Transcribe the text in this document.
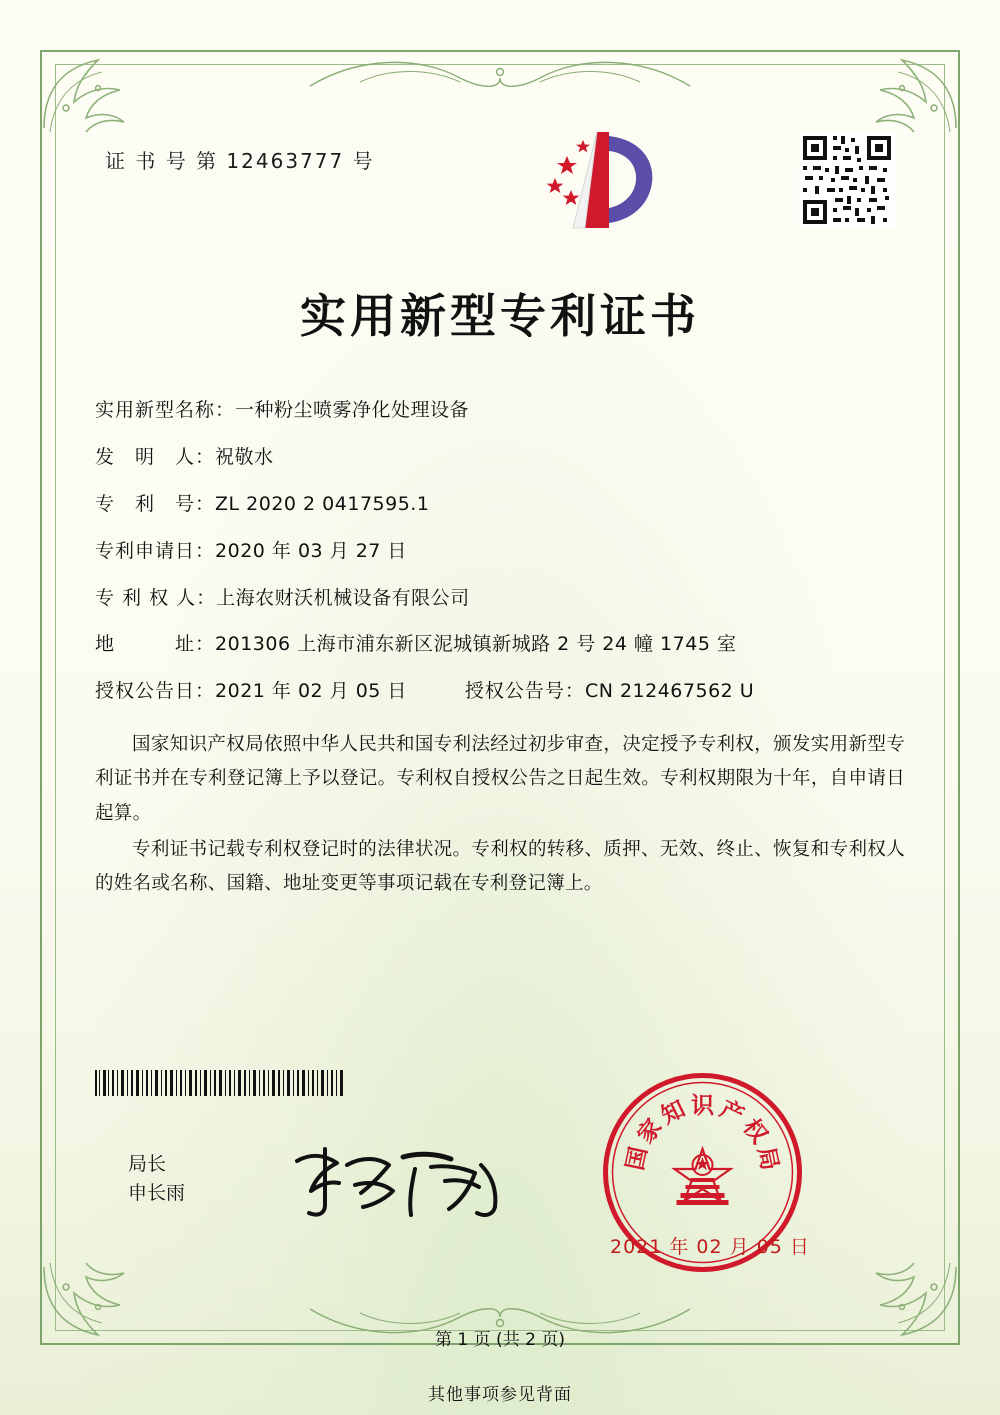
证 书 号 第 12463777 号
实用新型专利证书
实用新型名称： 一种粉尘喷雾净化处理设备
发　明　人： 祝敬水
专　利　号： ZL 2020 2 0417595.1
专利申请日： 2020 年 03 月 27 日
专 利 权 人： 上海农财沃机械设备有限公司
地　　　址： 201306 上海市浦东新区泥城镇新城路 2 号 24 幢 1745 室
授权公告日： 2021 年 02 月 05 日	授权公告号： CN 212467562 U

国家知识产权局依照中华人民共和国专利法经过初步审查，决定授予专利权，颁发实用新型专利证书并在专利登记簿上予以登记。专利权自授权公告之日起生效。专利权期限为十年，自申请日起算。

专利证书记载专利权登记时的法律状况。专利权的转移、质押、无效、终止、恢复和专利权人的姓名或名称、国籍、地址变更等事项记载在专利登记簿上。

局长
申长雨
识
知
家
国
产
权
局
2021 年 02 月 05 日
第 1 页 (共 2 页)
其他事项参见背面
